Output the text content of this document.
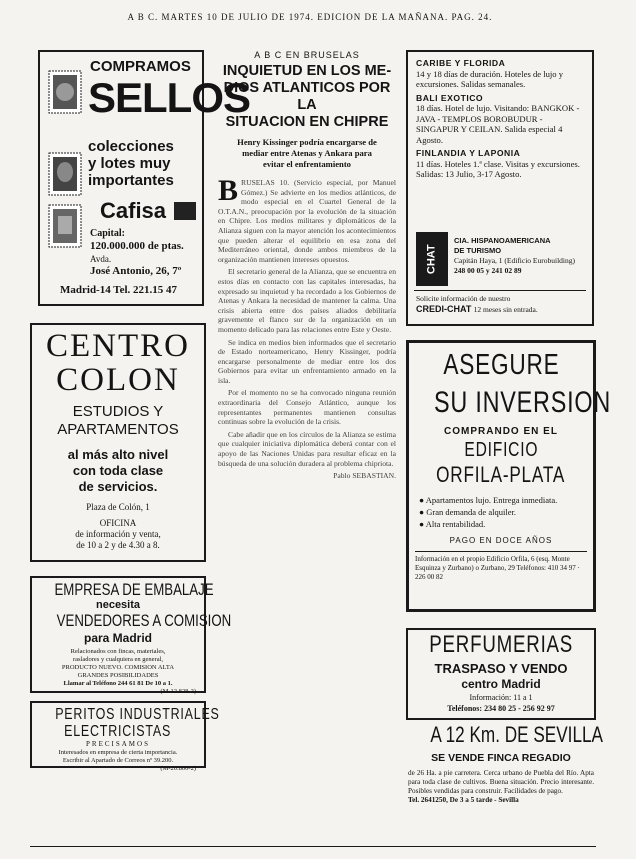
A B C. MARTES 10 DE JULIO DE 1974. EDICION DE LA MAÑANA. PAG. 24.
COMPRAMOS
SELLOS
colecciones
y lotes muy
importantes
Cafisa
Capital:
120.000.000 de ptas.
Avda.
José Antonio, 26, 7º
Madrid-14 Tel. 221.15 47
CENTRO
COLON
ESTUDIOS Y
APARTAMENTOS
al más alto nivel
con toda clase
de servicios.
Plaza de Colón, 1
OFICINA
de información y venta,
de 10 a 2 y de 4.30 a 8.
EMPRESA DE EMBALAJE
necesita
VENDEDORES A COMISION
para Madrid
Relacionados con fincas, materiales,
rasladores y cualquiera en general,
PRODUCTO NUEVO. COMISION ALTA
GRANDES POSIBILIDADES
Llamar al Teléfono 244 61 81 De 10 a 1.
(M-12.828-2)
PERITOS INDUSTRIALES
ELECTRICISTAS
PRECISAMOS
Interesados en empresa de cierta importancia.
Escribir al Apartado de Correos nº 39.200.
(M-20.806-2)
A B C EN BRUSELAS
INQUIETUD EN LOS ME-
DIOS ATLANTICOS POR LA
SITUACION EN CHIPRE
Henry Kissinger podría encargarse de
mediar entre Atenas y Ankara para
evitar el enfrentamiento
B RUSELAS 10. (Servicio especial, por Manuel Gómez.) Se advierte en los medios atlánticos, de modo especial en el Cuartel General de la O.T.A.N., preocupación por la evolución de la situación en Chipre. Los medios militares y diplomáticos de la Alianza siguen con la mayor atención los acontecimientos que pueden alterar el equilibrio en esa zona del Mediterráneo oriental, donde ambos miembros de la organización mantienen intereses opuestos.

El secretario general de la Alianza, que se encuentra en estos días en contacto con las capitales interesadas, ha expresado su inquietud y ha recordado a los Gobiernos de Atenas y Ankara la necesidad de mantener la calma. Una crisis abierta entre dos países aliados debilitaría gravemente el flanco sur de la organización en un momento delicado para las relaciones entre Este y Oeste.

Se indica en medios bien informados que el secretario de Estado norteamericano, Henry Kissinger, podría encargarse personalmente de mediar entre los dos Gobiernos para evitar un enfrentamiento armado en la isla.

Por el momento no se ha convocado ninguna reunión extraordinaria del Consejo Atlántico, aunque los representantes permanentes mantienen consultas continuas sobre la evolución de la crisis.

Cabe añadir que en los círculos de la Alianza se estima que cualquier iniciativa diplomática deberá contar con el apoyo de las Naciones Unidas para resultar eficaz en la búsqueda de una solución duradera al problema chipriota.

Pablo SEBASTIAN.

CARIBE Y FLORIDA
14 y 18 días de duración. Hoteles de lujo y excursiones. Salidas semanales.
BALI EXOTICO
18 días. Hotel de lujo. Visitando: BANGKOK - JAVA - TEMPLOS BOROBUDUR - SINGAPUR Y CEILAN. Salida especial 4 Agosto.
FINLANDIA Y LAPONIA
11 días. Hoteles 1.ª clase. Visitas y excursiones. Salidas: 13 Julio, 3-17 Agosto.
CHAT
CIA. HISPANOAMERICANA
DE TURISMO
Capitán Haya, 1 (Edificio Eurobuilding)
248 00 05 y 241 02 89
Solicite información de nuestro
CREDI-CHAT 12 meses sin entrada.
ASEGURE
SU INVERSION
COMPRANDO EN EL
EDIFICIO
ORFILA-PLATA
● Apartamentos lujo. Entrega inmediata.
● Gran demanda de alquiler.
● Alta rentabilidad.
PAGO EN DOCE AÑOS
Información en el propio Edificio Orfila, 6 (esq. Monte Esquinza y Zurbano) o Zurbano, 29 Teléfonos: 410 34 97 · 226 00 82
PERFUMERIAS
TRASPASO Y VENDO
centro Madrid
Información: 11 a 1
Teléfonos: 234 80 25 - 256 92 97
A 12 Km. DE SEVILLA
SE VENDE FINCA REGADIO
de 26 Ha. a pie carretera. Cerca urbano de Puebla del Río. Apta para toda clase de cultivos. Buena situación. Precio interesante. Posibles vendidas para construir. Facilidades de pago.
Tel. 2641250, De 3 a 5 tarde - Sevilla
